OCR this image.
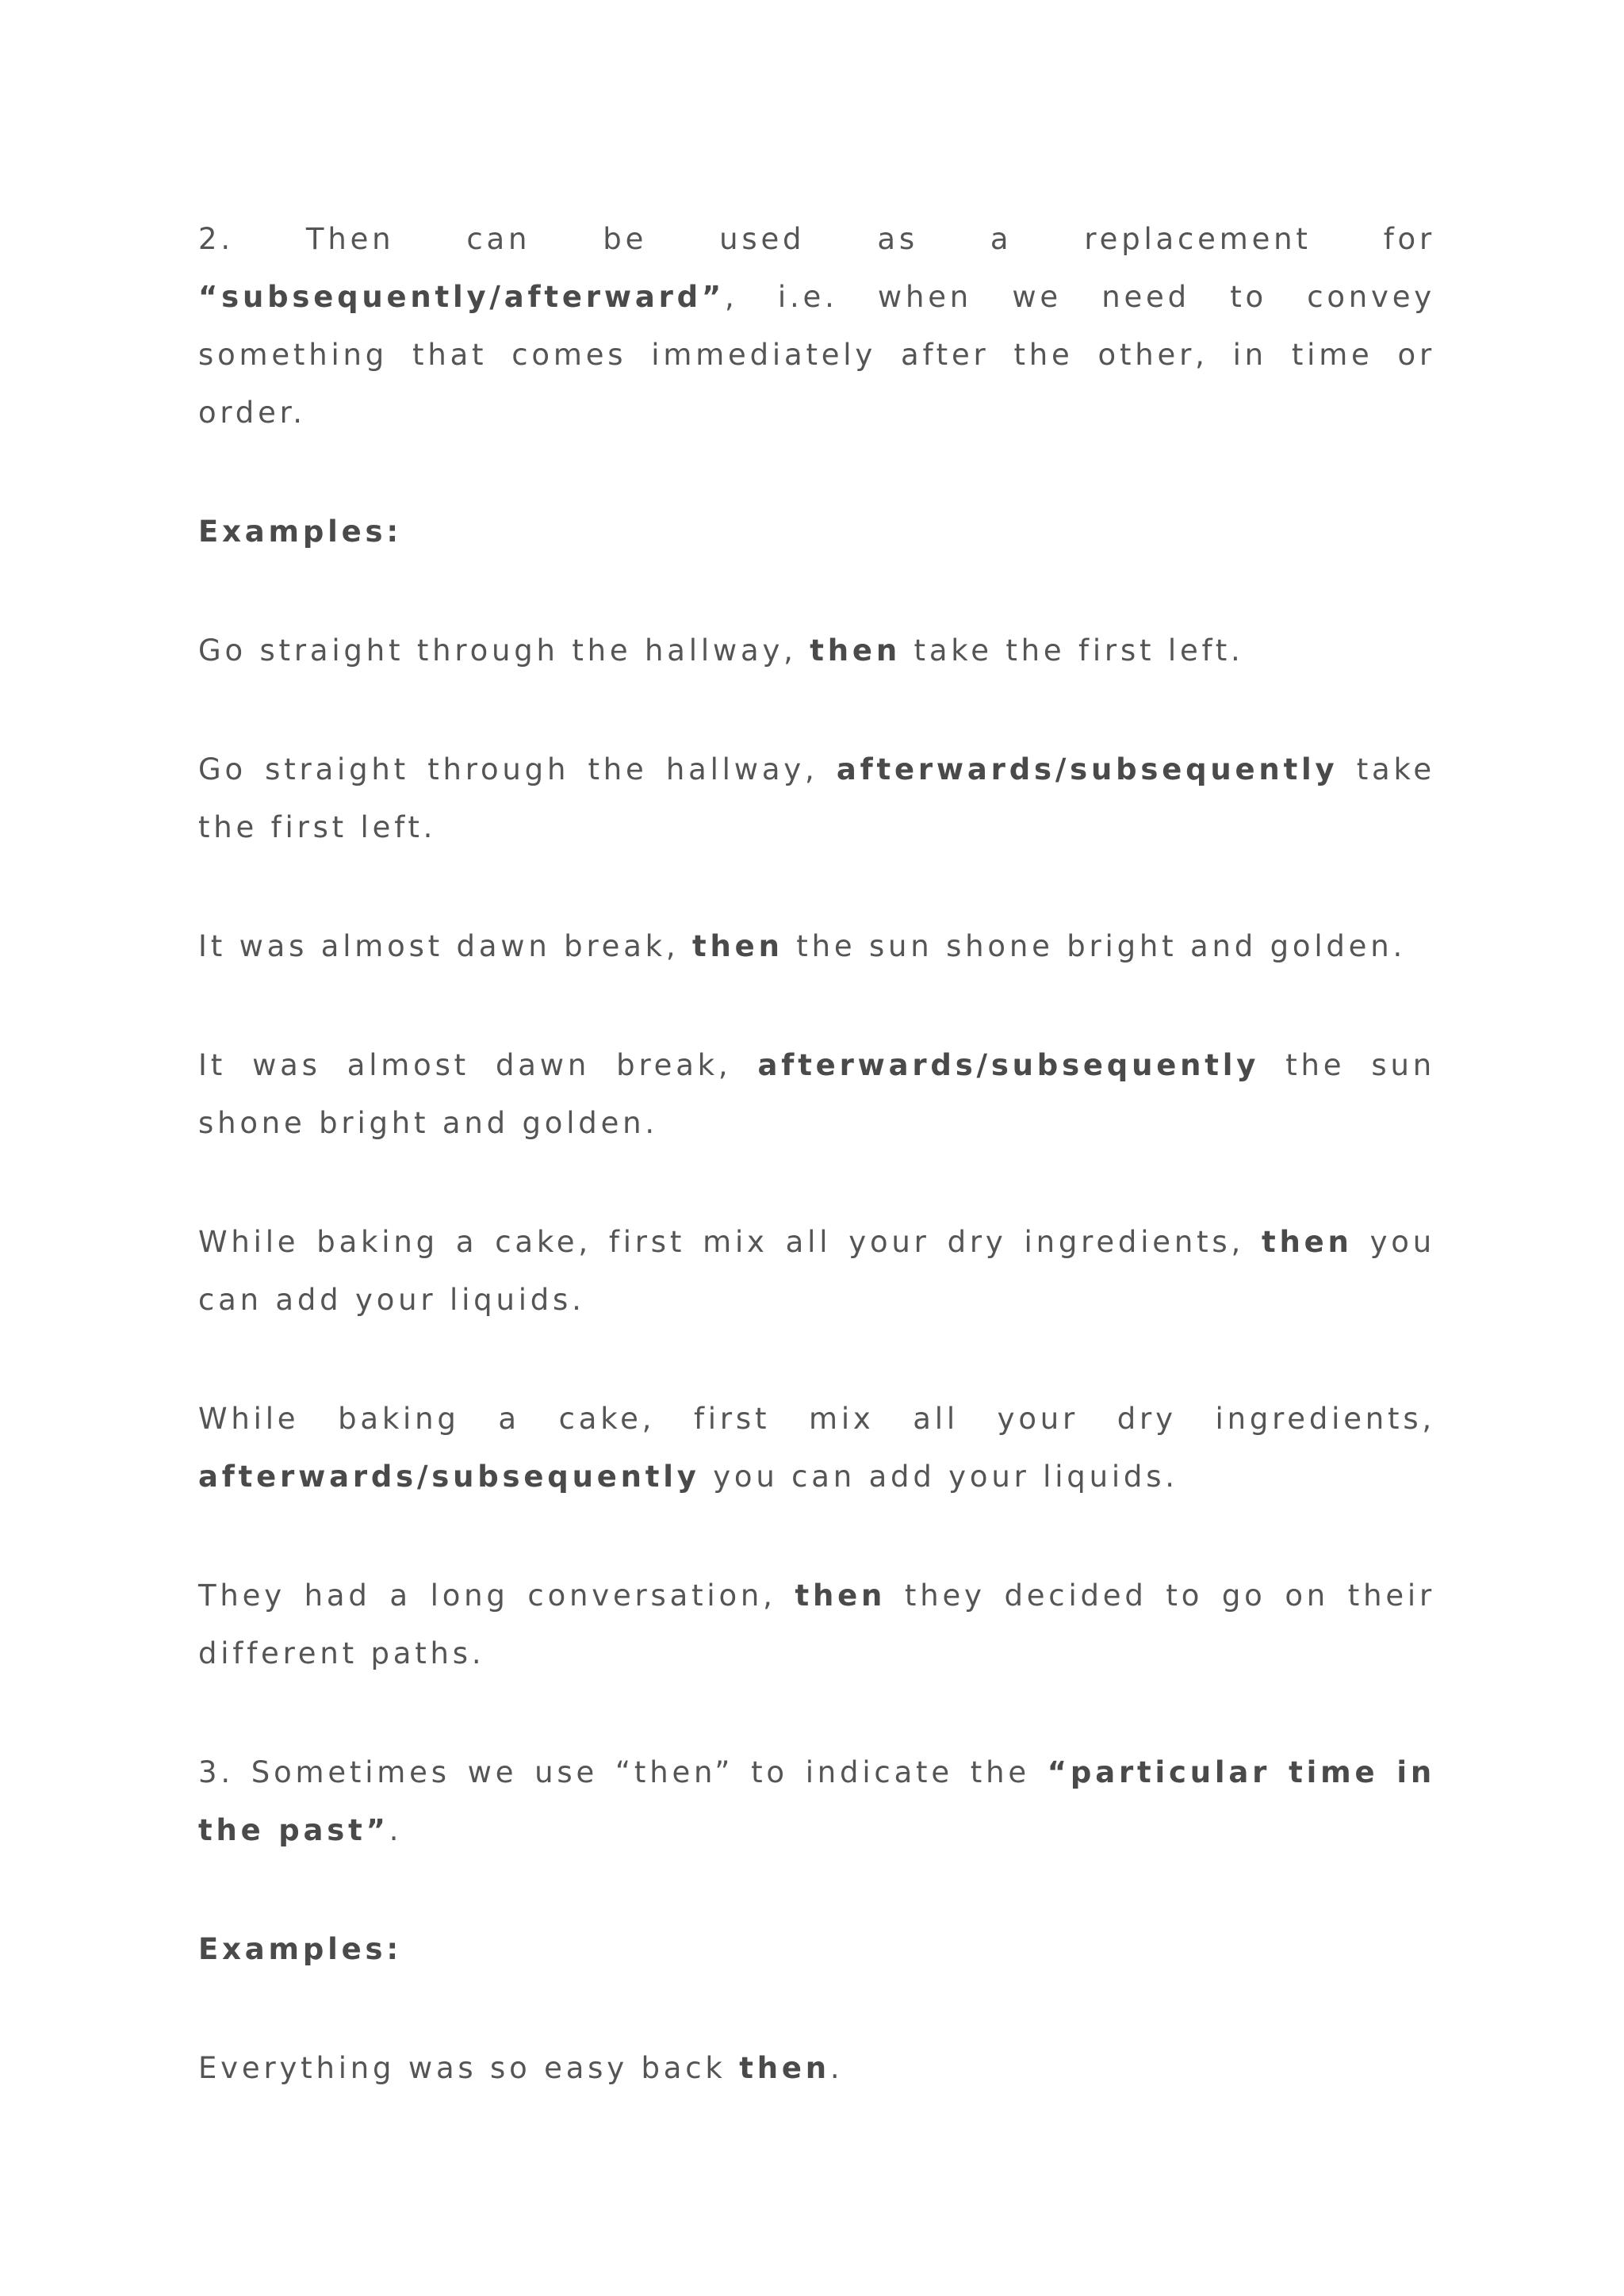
2. Then can be used as a replacement for “subsequently/afterward”, i.e. when we need to convey something that comes immediately after the other, in time or order.

Examples:

Go straight through the hallway, then take the first left.

Go straight through the hallway, afterwards/subsequently take the first left.

It was almost dawn break, then the sun shone bright and golden.

It was almost dawn break, afterwards/subsequently the sun shone bright and golden.

While baking a cake, first mix all your dry ingredients, then you can add your liquids.

While baking a cake, first mix all your dry ingredients, afterwards/subsequently you can add your liquids.

They had a long conversation, then they decided to go on their different paths.

3. Sometimes we use “then” to indicate the “particular time in the past”.

Examples:

Everything was so easy back then.
